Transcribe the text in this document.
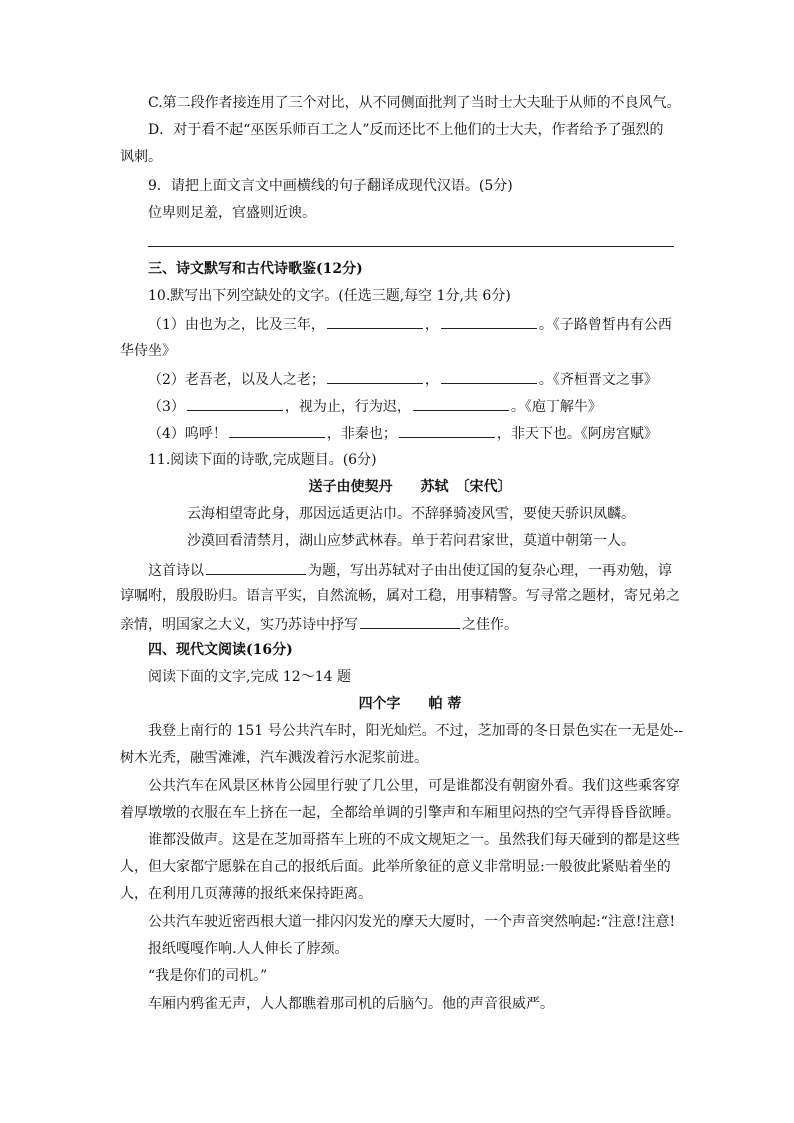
C.第二段作者接连用了三个对比，从不同侧面批判了当时士大夫耻于从师的不良风气。
D．对于看不起“巫医乐师百工之人”反而还比不上他们的士大夫，作者给予了强烈的
讽刺。
9．请把上面文言文中画横线的句子翻译成现代汉语。(5分)
位卑则足羞，官盛则近谀。
三、诗文默写和古代诗歌鉴(12分)
10.默写出下列空缺处的文字。(任选三题,每空 1分,共 6分)
（1）由也为之，比及三年，	，	。《子路曾皙冉有公西
华侍坐》
（2）老吾老，以及人之老；	，	。《齐桓晋文之事》
（3）	，视为止，行为迟，	。《庖丁解牛》
（4）呜呼！	，非秦也；	，非天下也。《阿房宫赋》
11.阅读下面的诗歌,完成题目。(6分)
送子由使契丹　　苏轼　〔宋代〕
云海相望寄此身，那因远适更沾巾。不辞驿骑凌风雪，要使天骄识凤麟。
沙漠回看清禁月，湖山应梦武林春。单于若问君家世，莫道中朝第一人。
这首诗以	为题，写出苏轼对子由出使辽国的复杂心理，一再劝勉，谆
谆嘱咐，殷殷盼归。语言平实，自然流畅，属对工稳，用事精警。写寻常之题材，寄兄弟之
亲情，明国家之大义，实乃苏诗中抒写	之佳作。
四、现代文阅读(16分)
阅读下面的文字,完成 12～14 题
四个字　　帕 蒂
我登上南行的 151 号公共汽车时，阳光灿烂。不过，芝加哥的冬日景色实在一无是处--
树木光秃，融雪滩滩，汽车溅泼着污水泥浆前进。
公共汽车在风景区林肯公园里行驶了几公里，可是谁都没有朝窗外看。我们这些乘客穿
着厚墩墩的衣服在车上挤在一起，全都给单调的引擎声和车厢里闷热的空气弄得昏昏欲睡。
谁都没做声。这是在芝加哥搭车上班的不成文规矩之一。虽然我们每天碰到的都是这些
人，但大家都宁愿躲在自己的报纸后面。此举所象征的意义非常明显:一般彼此紧贴着坐的
人，在利用几页薄薄的报纸来保持距离。
公共汽车驶近密西根大道一排闪闪发光的摩天大厦时，一个声音突然响起:“注意!注意!
报纸嘎嘎作响.人人伸长了脖颈。
“我是你们的司机。”
车厢内鸦雀无声，人人都瞧着那司机的后脑勺。他的声音很威严。
